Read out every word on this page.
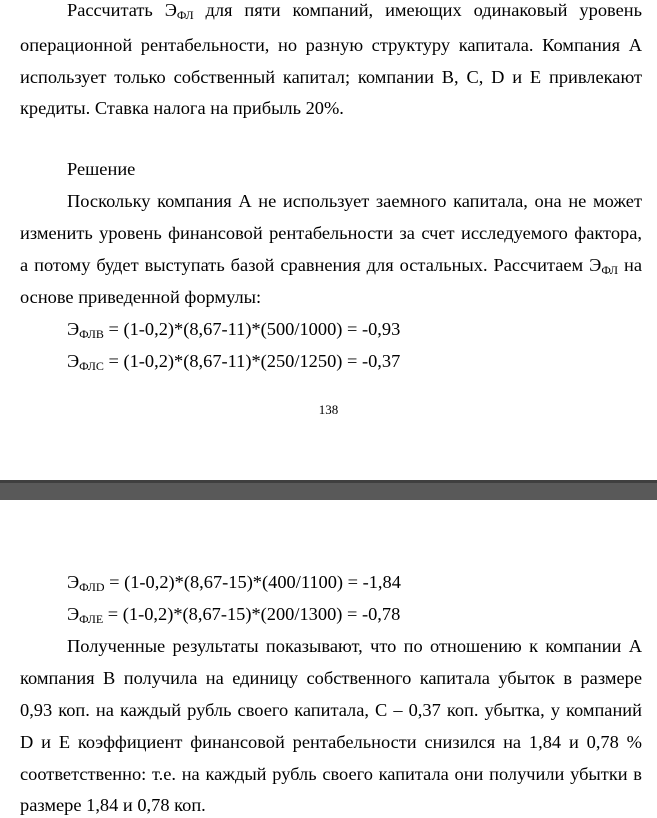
Рассчитать ЭФЛ для пяти компаний, имеющих одинаковый уровень
операционной рентабельности, но разную структуру капитала. Компания А
использует только собственный капитал; компании В, С, D и Е привлекают
кредиты. Ставка налога на прибыль 20%.
Решение
Поскольку компания А не использует заемного капитала, она не может
изменить уровень финансовой рентабельности за счет исследуемого фактора,
а потому будет выступать базой сравнения для остальных. Рассчитаем ЭФЛ на
основе приведенной формулы:
ЭФЛВ = (1-0,2)*(8,67-11)*(500/1000) = -0,93
ЭФЛС = (1-0,2)*(8,67-11)*(250/1250) = -0,37
138
ЭФЛD = (1-0,2)*(8,67-15)*(400/1100) = -1,84
ЭФЛЕ = (1-0,2)*(8,67-15)*(200/1300) = -0,78
Полученные результаты показывают, что по отношению к компании А
компания В получила на единицу собственного капитала убыток в размере
0,93 коп. на каждый рубль своего капитала, С – 0,37 коп. убытка, у компаний
D и Е коэффициент финансовой рентабельности снизился на 1,84 и 0,78 %
соответственно: т.е. на каждый рубль своего капитала они получили убытки в
размере 1,84 и 0,78 коп.
